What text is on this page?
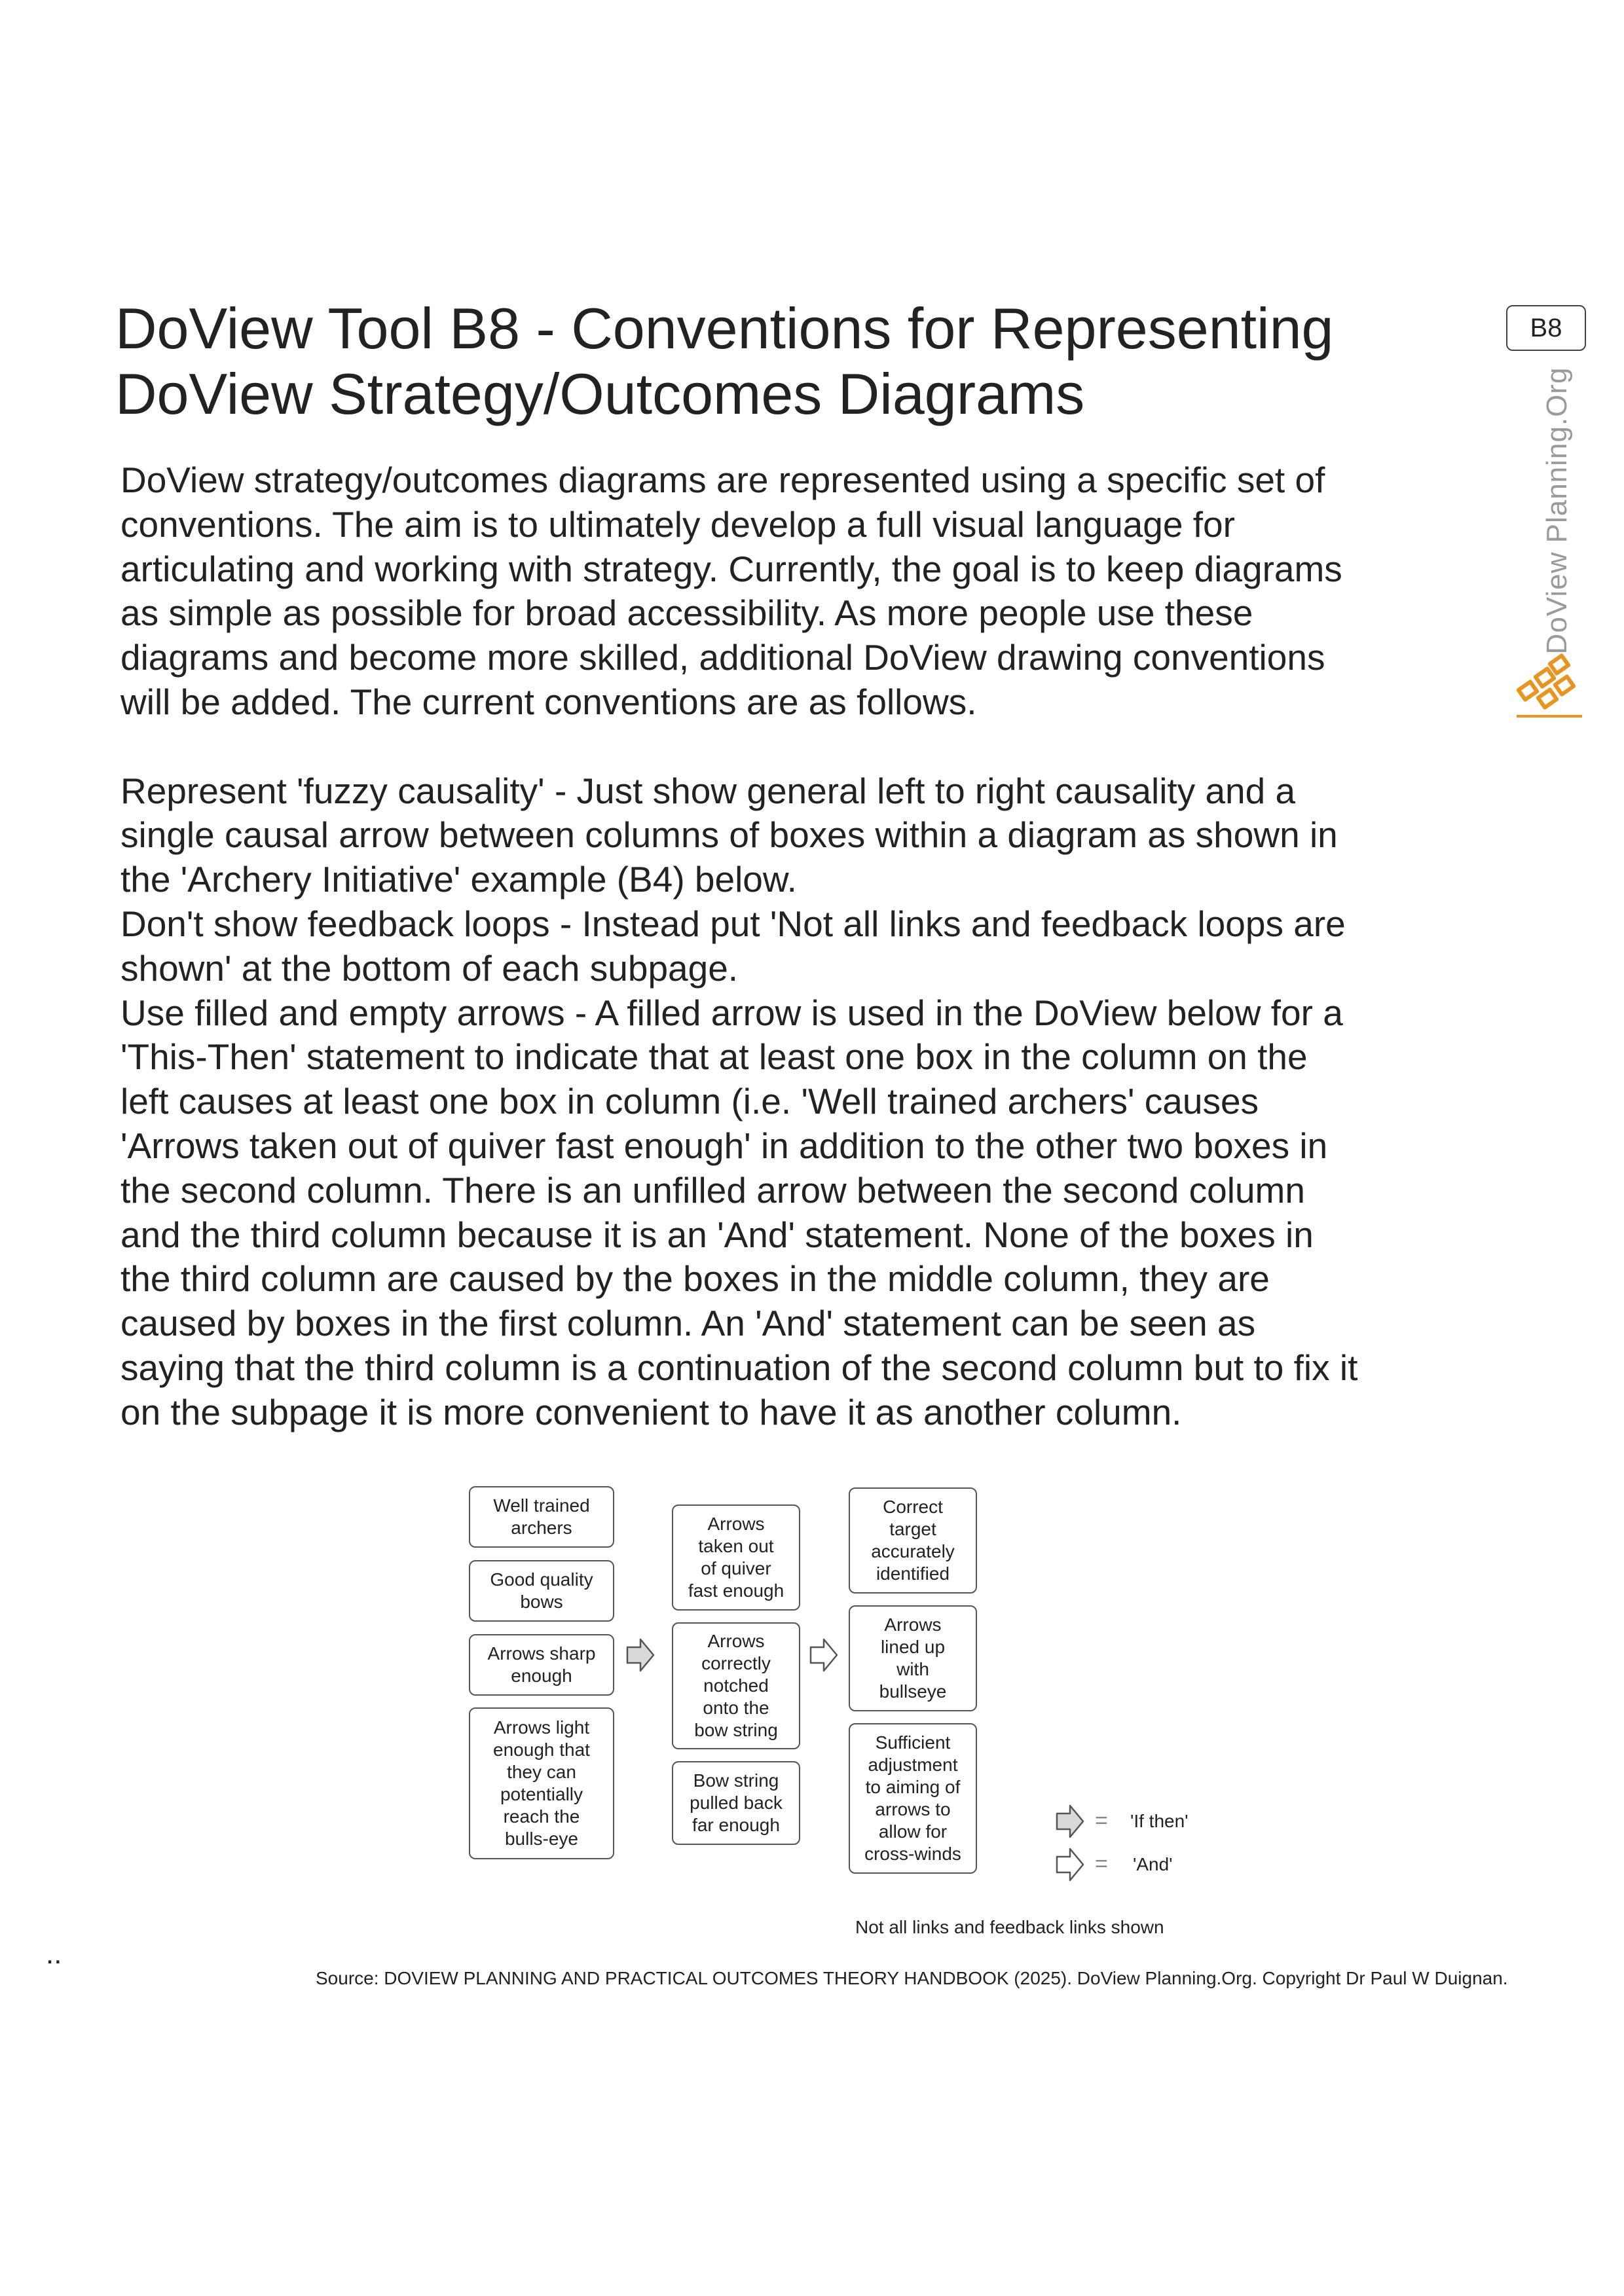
DoView Tool B8 - Conventions for Representing
DoView Strategy/Outcomes Diagrams
B8
DoView Planning.Org
DoView strategy/outcomes diagrams are represented using a specific set of
conventions. The aim is to ultimately develop a full visual language for
articulating and working with strategy. Currently, the goal is to keep diagrams
as simple as possible for broad accessibility. As more people use these
diagrams and become more skilled, additional DoView drawing conventions
will be added. The current conventions are as follows.
Represent 'fuzzy causality' - Just show general left to right causality and a
single causal arrow between columns of boxes within a diagram as shown in
the 'Archery Initiative' example (B4) below.
Don't show feedback loops - Instead put 'Not all links and feedback loops are
shown' at the bottom of each subpage.
Use filled and empty arrows - A filled arrow is used in the DoView below for a
'This-Then' statement to indicate that at least one box in the column on the
left causes at least one box in column (i.e. 'Well trained archers' causes
'Arrows taken out of quiver fast enough' in addition to the other two boxes in
the second column. There is an unfilled arrow between the second column
and the third column because it is an 'And' statement. None of the boxes in
the third column are caused by the boxes in the middle column, they are
caused by boxes in the first column. An 'And' statement can be seen as
saying that the third column is a continuation of the second column but to fix it
on the subpage it is more convenient to have it as another column.
Well trained
archers
Good quality
bows
Arrows sharp
enough
Arrows light
enough that
they can
potentially
reach the
bulls-eye
Arrows
taken out
of quiver
fast enough
Arrows
correctly
notched
onto the
bow string
Bow string
pulled back
far enough
Correct
target
accurately
identified
Arrows
lined up
with
bullseye
Sufficient
adjustment
to aiming of
arrows to
allow for
cross-winds
= 'If then'
= 'And'
Not all links and feedback links shown
..
Source: DOVIEW PLANNING AND PRACTICAL OUTCOMES THEORY HANDBOOK (2025). DoView Planning.Org. Copyright Dr Paul W Duignan.
